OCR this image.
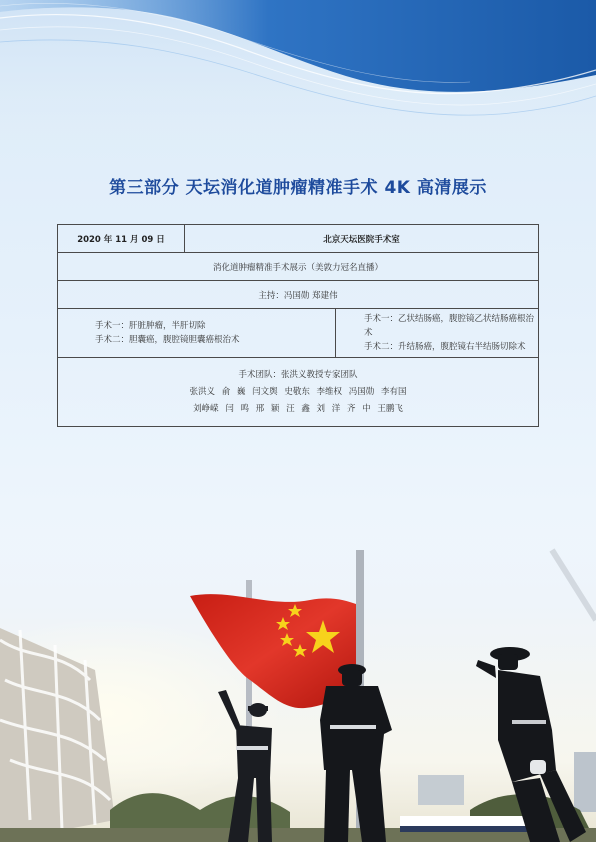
第三部分 天坛消化道肿瘤精准手术 4K 高清展示
2020 年 11 月 09 日	北京天坛医院手术室
消化道肿瘤精准手术展示（美敦力冠名直播）
主持：冯国勋 郑建伟
手术一：肝脏肿瘤，半肝切除
手术二：胆囊癌，腹腔镜胆囊癌根治术
手术一：乙状结肠癌，腹腔镜乙状结肠癌根治术
手术二：升结肠癌，腹腔镜右半结肠切除术
手术团队：张洪义教授专家团队
张洪义 俞 巍 闫文舆 史敬东 李维权 冯国勋 李有国
刘峥嵘 闫 鸣 邢 颖 汪 鑫 刘 洋 齐 中 王鹏飞
